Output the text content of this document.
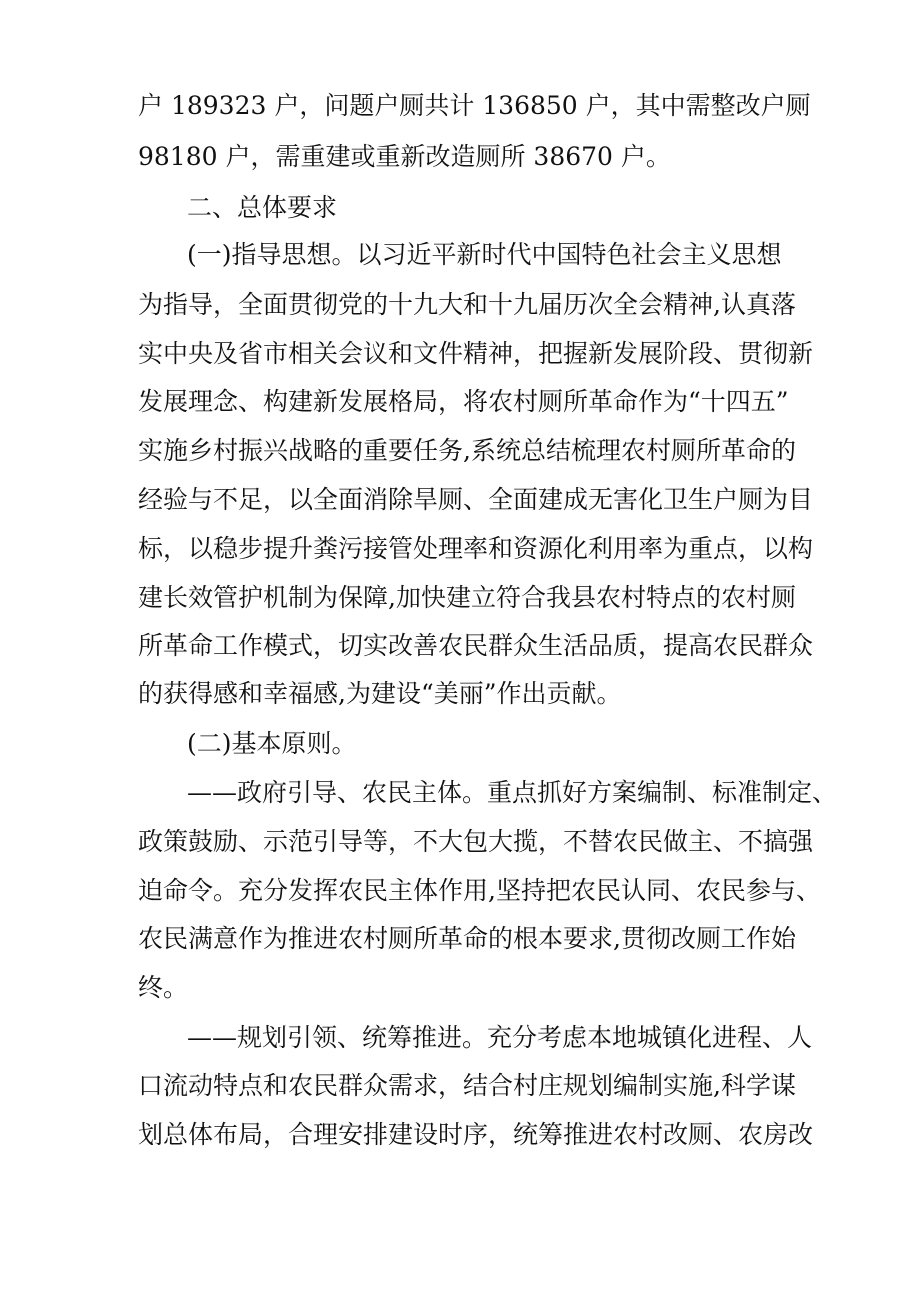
户 189323 户，问题户厕共计 136850 户，其中需整改户厕
98180 户，需重建或重新改造厕所 38670 户。
二、总体要求
(一)指导思想。以习近平新时代中国特色社会主义思想
为指导，全面贯彻党的十九大和十九届历次全会精神,认真落
实中央及省市相关会议和文件精神，把握新发展阶段、贯彻新
发展理念、构建新发展格局，将农村厕所革命作为“十四五”
实施乡村振兴战略的重要任务,系统总结梳理农村厕所革命的
经验与不足，以全面消除旱厕、全面建成无害化卫生户厕为目
标，以稳步提升粪污接管处理率和资源化利用率为重点，以构
建长效管护机制为保障,加快建立符合我县农村特点的农村厕
所革命工作模式，切实改善农民群众生活品质，提高农民群众
的获得感和幸福感,为建设“美丽”作出贡献。
(二)基本原则。
——政府引导、农民主体。重点抓好方案编制、标准制定、
政策鼓励、示范引导等，不大包大揽，不替农民做主、不搞强
迫命令。充分发挥农民主体作用,坚持把农民认同、农民参与、
农民满意作为推进农村厕所革命的根本要求,贯彻改厕工作始
终。
——规划引领、统筹推进。充分考虑本地城镇化进程、人
口流动特点和农民群众需求，结合村庄规划编制实施,科学谋
划总体布局，合理安排建设时序，统筹推进农村改厕、农房改
